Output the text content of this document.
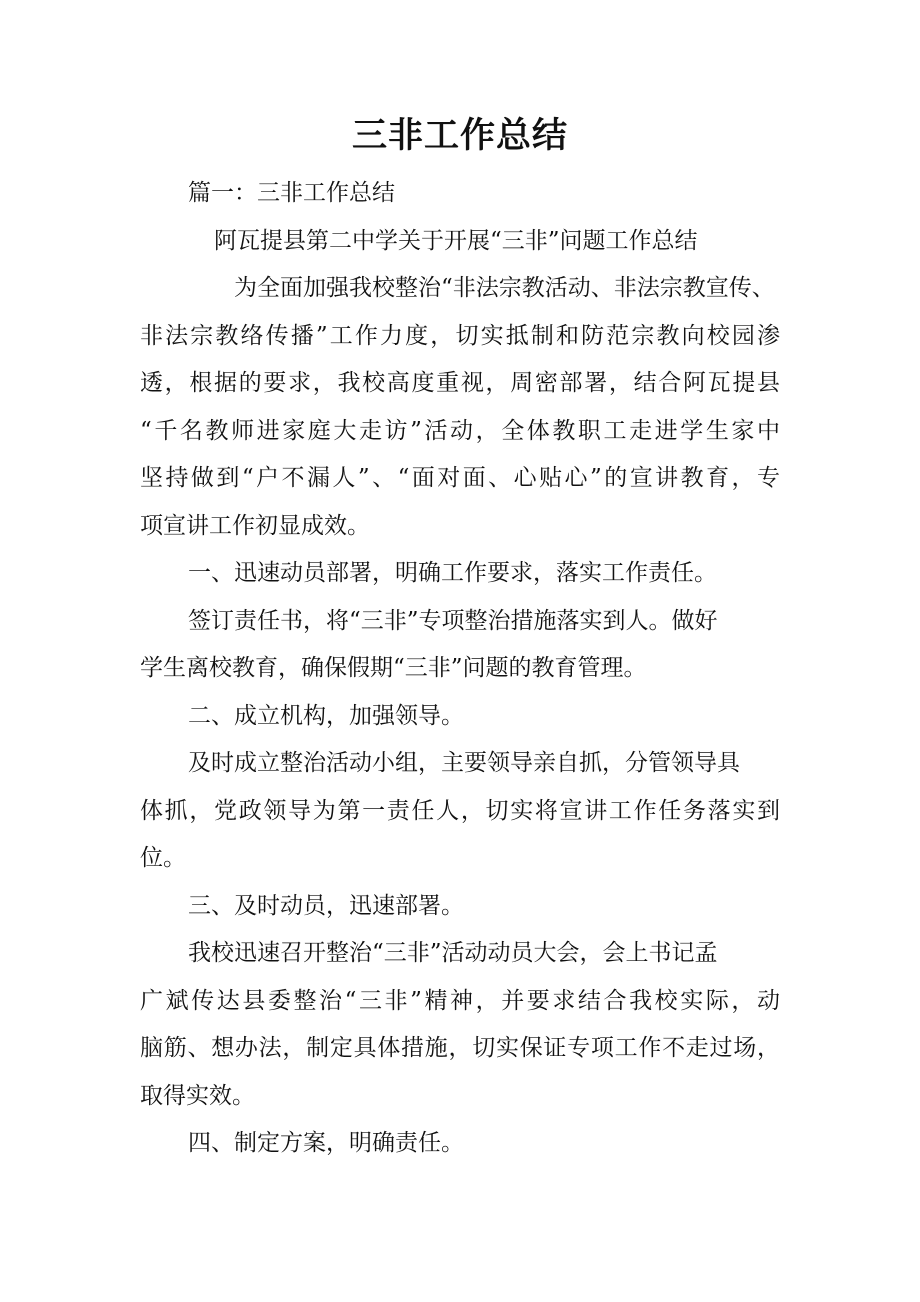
三非工作总结
篇一：三非工作总结
阿瓦提县第二中学关于开展“三非”问题工作总结
为全面加强我校整治“非法宗教活动、非法宗教宣传、
非法宗教络传播”工作力度，切实抵制和防范宗教向校园渗
透，根据的要求，我校高度重视，周密部署，结合阿瓦提县
“千名教师进家庭大走访”活动，全体教职工走进学生家中
坚持做到“户不漏人”、“面对面、心贴心”的宣讲教育，专
项宣讲工作初显成效。
一、迅速动员部署，明确工作要求，落实工作责任。
签订责任书，将“三非”专项整治措施落实到人。做好
学生离校教育，确保假期“三非”问题的教育管理。
二、成立机构，加强领导。
及时成立整治活动小组，主要领导亲自抓，分管领导具
体抓，党政领导为第一责任人，切实将宣讲工作任务落实到
位。
三、及时动员，迅速部署。
我校迅速召开整治“三非”活动动员大会，会上书记孟
广斌传达县委整治“三非”精神，并要求结合我校实际，动
脑筋、想办法，制定具体措施，切实保证专项工作不走过场，
取得实效。
四、制定方案，明确责任。
